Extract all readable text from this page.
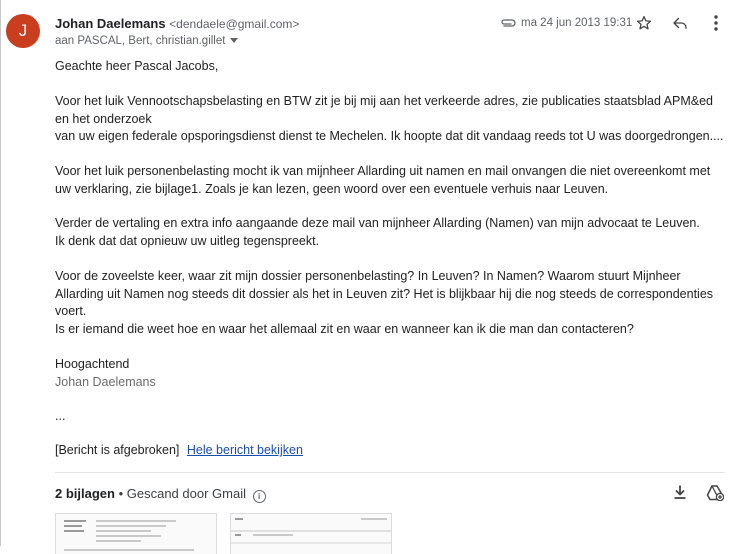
J	Johan Daelemans <dendaele@gmail.com>
aan PASCAL, Bert, christian.gillet
ma 24 jun 2013 19:31

Geachte heer Pascal Jacobs,

Voor het luik Vennootschapsbelasting en BTW zit je bij mij aan het verkeerde adres, zie publicaties staatsblad APM&ed en het onderzoek

van uw eigen federale opsporingsdienst dienst te Mechelen. Ik hoopte dat dit vandaag reeds tot U was doorgedrongen....

Voor het luik personenbelasting mocht ik van mijnheer Allarding uit namen en mail onvangen die niet overeenkomt met uw verklaring, zie bijlage1. Zoals je kan lezen, geen woord over een eventuele verhuis naar Leuven.

Verder de vertaling en extra info aangaande deze mail van mijnheer Allarding (Namen) van mijn advocaat te Leuven.

Ik denk dat dat opnieuw uw uitleg tegenspreekt.

Voor de zoveelste keer, waar zit mijn dossier personenbelasting? In Leuven? In Namen? Waarom stuurt Mijnheer Allarding uit Namen nog steeds dit dossier als het in Leuven zit? Het is blijkbaar hij die nog steeds de correspondenties voert.

Is er iemand die weet hoe en waar het allemaal zit en waar en wanneer kan ik die man dan contacteren?

Hoogachtend

Johan Daelemans

...

[Bericht is afgebroken] Hele bericht bekijken
2 bijlagen • Gescand door Gmail i
